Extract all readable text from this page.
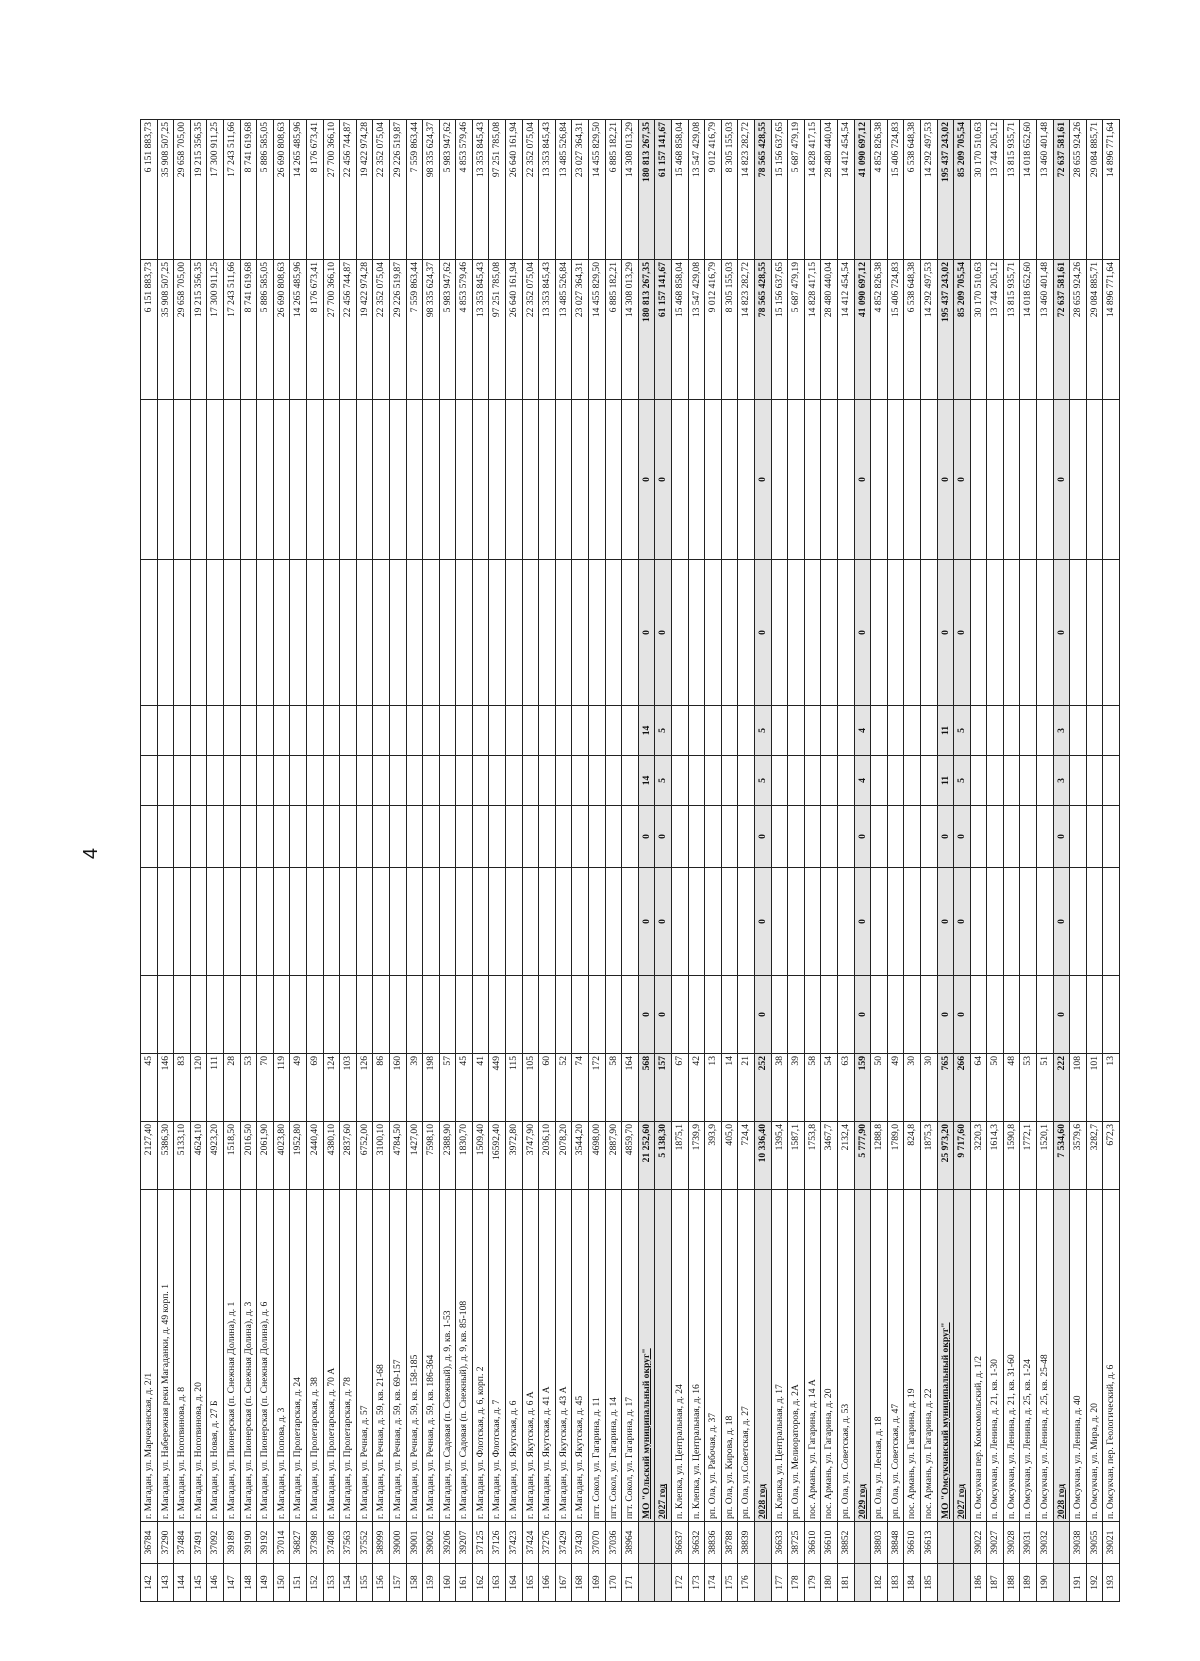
4
142	36784	г. Магадан, ул. Марчеканская, д. 2/1	2127,40	45								6 151 883,73	6 151 883,73
143	37290	г. Магадан, ул. Набережная реки Магаданки, д. 49 корп. 1	5386,30	146								35 908 507,25	35 908 507,25
144	37484	г. Магадан, ул. Нororвинова, д. 8	5133,10	83								29 658 705,00	29 658 705,00
145	37491	г. Магадан, ул. Нororвинова, д. 20	4624,10	120								19 215 356,35	19 215 356,35
146	37092	г. Магадан, ул. Новая, д. 27 Б	4923,20	111								17 300 911,25	17 300 911,25
147	39189	г. Магадан, ул. Пионерская (п. Снежная Долина), д. 1	1518,50	28								17 243 511,66	17 243 511,66
148	39190	г. Магадан, ул. Пионерская (п. Снежная Долина), д. 3	2016,50	53								8 741 619,68	8 741 619,68
149	39192	г. Магадан, ул. Пионерская (п. Снежная Долина), д. 6	2061,90	70								5 886 585,05	5 886 585,05
150	37014	г. Магадан, ул. Попова, д. 3	4023,80	119								26 690 808,63	26 690 808,63
151	36827	г. Магадан, ул. Пролетарская, д. 24	1952,80	49								14 265 485,96	14 265 485,96
152	37398	г. Магадан, ул. Пролетарская, д. 38	2440,40	69								8 176 673,41	8 176 673,41
153	37408	г. Магадан, ул. Пролетарская, д. 70 А	4380,10	124								27 700 366,10	27 700 366,10
154	37563	г. Магадан, ул. Пролетарская, д. 78	2837,60	103								22 456 744,87	22 456 744,87
155	37552	г. Магадан, ул. Речная, д. 57	6752,00	126								19 422 974,28	19 422 974,28
156	38999	г. Магадан, ул. Речная, д. 59, кв. 21-68	3100,10	86								22 352 075,04	22 352 075,04
157	39000	г. Магадан, ул. Речная, д. 59, кв. 69-157	4784,50	160								29 226 519,87	29 226 519,87
158	39001	г. Магадан, ул. Речная, д. 59, кв. 158-185	1427,00	39								7 559 863,44	7 559 863,44
159	39002	г. Магадан, ул. Речная, д. 59, кв. 186-364	7598,10	198								98 335 624,37	98 335 624,37
160	39206	г. Магадан, ул. Садовая (п. Снежный), д. 9, кв. 1-53	2388,90	57								5 983 947,62	5 983 947,62
161	39207	г. Магадан, ул. Садовая (п. Снежный), д. 9, кв. 85-108	1830,70	45								4 853 579,46	4 853 579,46
162	37125	г. Магадан, ул. Флотская, д. 6, корп. 2	1509,40	41								13 353 845,43	13 353 845,43
163	37126	г. Магадан, ул. Флотская, д. 7	16592,40	449								97 251 785,08	97 251 785,08
164	37423	г. Магадан, ул. Якутская, д. 6	3972,80	115								26 640 161,94	26 640 161,94
165	37424	г. Магадан, ул. Якутская, д. 6 А	3747,90	105								22 352 075,04	22 352 075,04
166	37276	г. Магадан, ул. Якутская, д. 41 А	2036,10	60								13 353 845,43	13 353 845,43
167	37429	г. Магадан, ул. Якутская, д. 43 А	2078,20	52								13 485 526,84	13 485 526,84
168	37430	г. Магадан, ул. Якутская, д. 45	3544,20	74								23 027 364,31	23 027 364,31
169	37070	пгт. Сокол, ул. Гагарина, д. 11	4698,00	172								14 455 829,50	14 455 829,50
170	37036	пгт. Сокол, ул. Гагарина, д. 14	2887,90	58								6 885 182,21	6 885 182,21
171	38964	пгт. Сокол, ул. Гагарина, д. 17	4859,70	164								14 308 013,29	14 308 013,29
		МО "Ольский муниципальный округ"	21 252,60	568	0	0	0	14	14	0	0	180 813 267,35	180 813 267,35
		2027 год	5 138,30	157	0	0	0	5	5	0	0	61 157 141,67	61 157 141,67
172	36637	п. Клепка, ул. Центральная, д. 24	1875,1	67								15 468 858,04	15 468 858,04
173	36632	п. Клепка, ул. Центральная, д. 16	1739,9	42								13 547 429,08	13 547 429,08
174	38836	рп. Ола, ул. Рабочая, д. 37	393,9	13								9 012 416,79	9 012 416,79
175	38788	рп. Ола, ул. Кирова, д. 18	405,0	14								8 305 155,03	8 305 155,03
176	38839	рп. Ола, ул.Советская, д. 27	724,4	21								14 823 282,72	14 823 282,72
		2028 год	10 336,40	252	0	0	0	5	5	0	0	78 565 428,55	78 565 428,55
177	36633	п. Клепка, ул. Центральная, д. 17	1395,4	38								15 156 637,65	15 156 637,65
178	38725	рп. Ола, ул. Мелиораторов, д. 2А	1587,1	39								5 687 479,19	5 687 479,19
179	36610	пос. Армань, ул. Гагарина, д. 14 А	1753,8	58								14 828 417,15	14 828 417,15
180	36610	пос. Армань, ул. Гагарина, д. 20	3467,7	54								28 480 440,04	28 480 440,04
181	38852	рп. Ола, ул. Советская, д. 53	2132,4	63								14 412 454,54	14 412 454,54
		2029 год	5 777,90	159	0	0	0	4	4	0	0	41 090 697,12	41 090 697,12
182	38803	рп. Ола, ул. Лесная, д. 18	1288,8	50								4 852 826,38	4 852 826,38
183	38848	рп. Ола, ул. Советская, д. 47	1789,0	49								15 406 724,83	15 406 724,83
184	36610	пос. Армань, ул. Гагарина, д. 19	824,8	30								6 538 648,38	6 538 648,38
185	36613	пос. Армань, ул. Гагарина, д. 22	1875,3	30								14 292 497,53	14 292 497,53
		МО "Омсукчанский муниципальный округ"	25 973,20	765	0	0	0	11	11	0	0	195 437 243,02	195 437 243,02
		2027 год	9 717,60	266	0	0	0	5	5	0	0	85 209 705,54	85 209 705,54
186	39022	п. Омсукчан пер. Комсомольский, д. 1/2	3220,3	64								30 170 510,63	30 170 510,63
187	39027	п. Омсукчан, ул. Ленина, д. 21, кв. 1-30	1614,3	50								13 744 205,12	13 744 205,12
188	39028	п. Омсукчан, ул. Ленина, д. 21, кв. 31-60	1590,8	48								13 815 935,71	13 815 935,71
189	39031	п. Омсукчан, ул. Ленина, д. 25, кв. 1-24	1772,1	53								14 018 652,60	14 018 652,60
190	39032	п. Омсукчан, ул. Ленина, д. 25, кв. 25-48	1520,1	51								13 460 401,48	13 460 401,48
		2028 год	7 534,60	222	0	0	0	3	3	0	0	72 637 581,61	72 637 581,61
191	39038	п. Омсукчан, ул. Ленина, д. 40	3579,6	108								28 655 924,26	28 655 924,26
192	39055	п. Омсукчан, ул. Мира, д. 20	3282,7	101								29 084 885,71	29 084 885,71
193	39021	п. Омсукчан, пер. Геологический, д. 6	672,3	13								14 896 771,64	14 896 771,64
